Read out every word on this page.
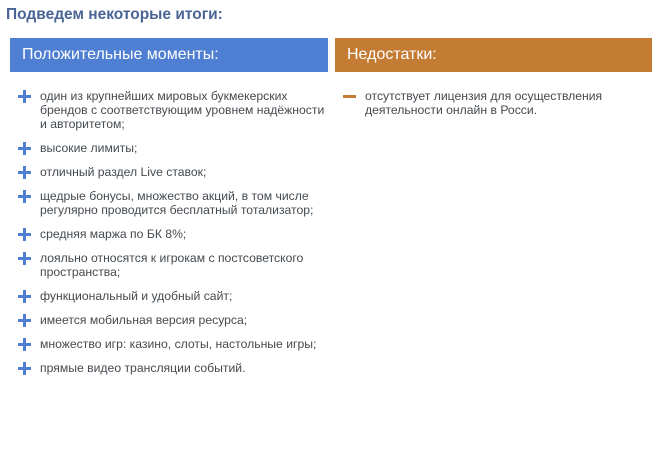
Подведем некоторые итоги:
Положительные моменты:
один из крупнейших мировых букмекерских брендов с соответствующим уровнем надёжности и авторитетом;
высокие лимиты;
отличный раздел Live ставок;
щедрые бонусы, множество акций, в том числе регулярно проводится бесплатный тотализатор;
средняя маржа по БК 8%;
лояльно относятся к игрокам с постсоветского пространства;
функциональный и удобный сайт;
имеется мобильная версия ресурса;
множество игр: казино, слоты, настольные игры;
прямые видео трансляции событий.
Недостатки:
отсутствует лицензия для осуществления деятельности онлайн в Росси.
